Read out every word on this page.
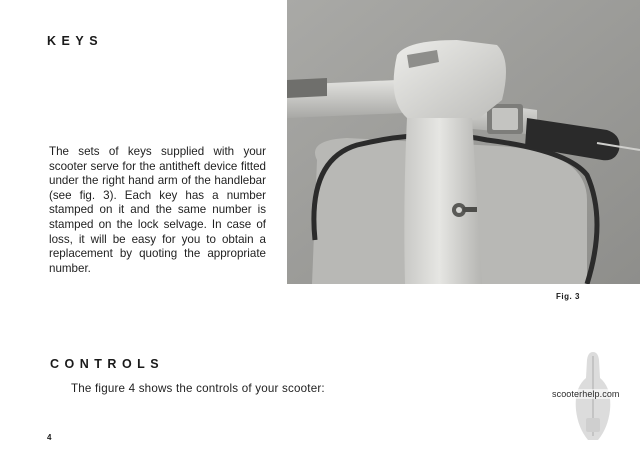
KEYS
The sets of keys supplied with your scooter serve for the antitheft device fitted under the right hand arm of the handlebar (see fig. 3). Each key has a number stamped on it and the same number is stamped on the lock selvage. In case of loss, it will be easy for you to obtain a replacement by quoting the appropriate number.
Fig. 3
CONTROLS
The figure 4 shows the controls of your scooter:
4
scooterhelp.com
